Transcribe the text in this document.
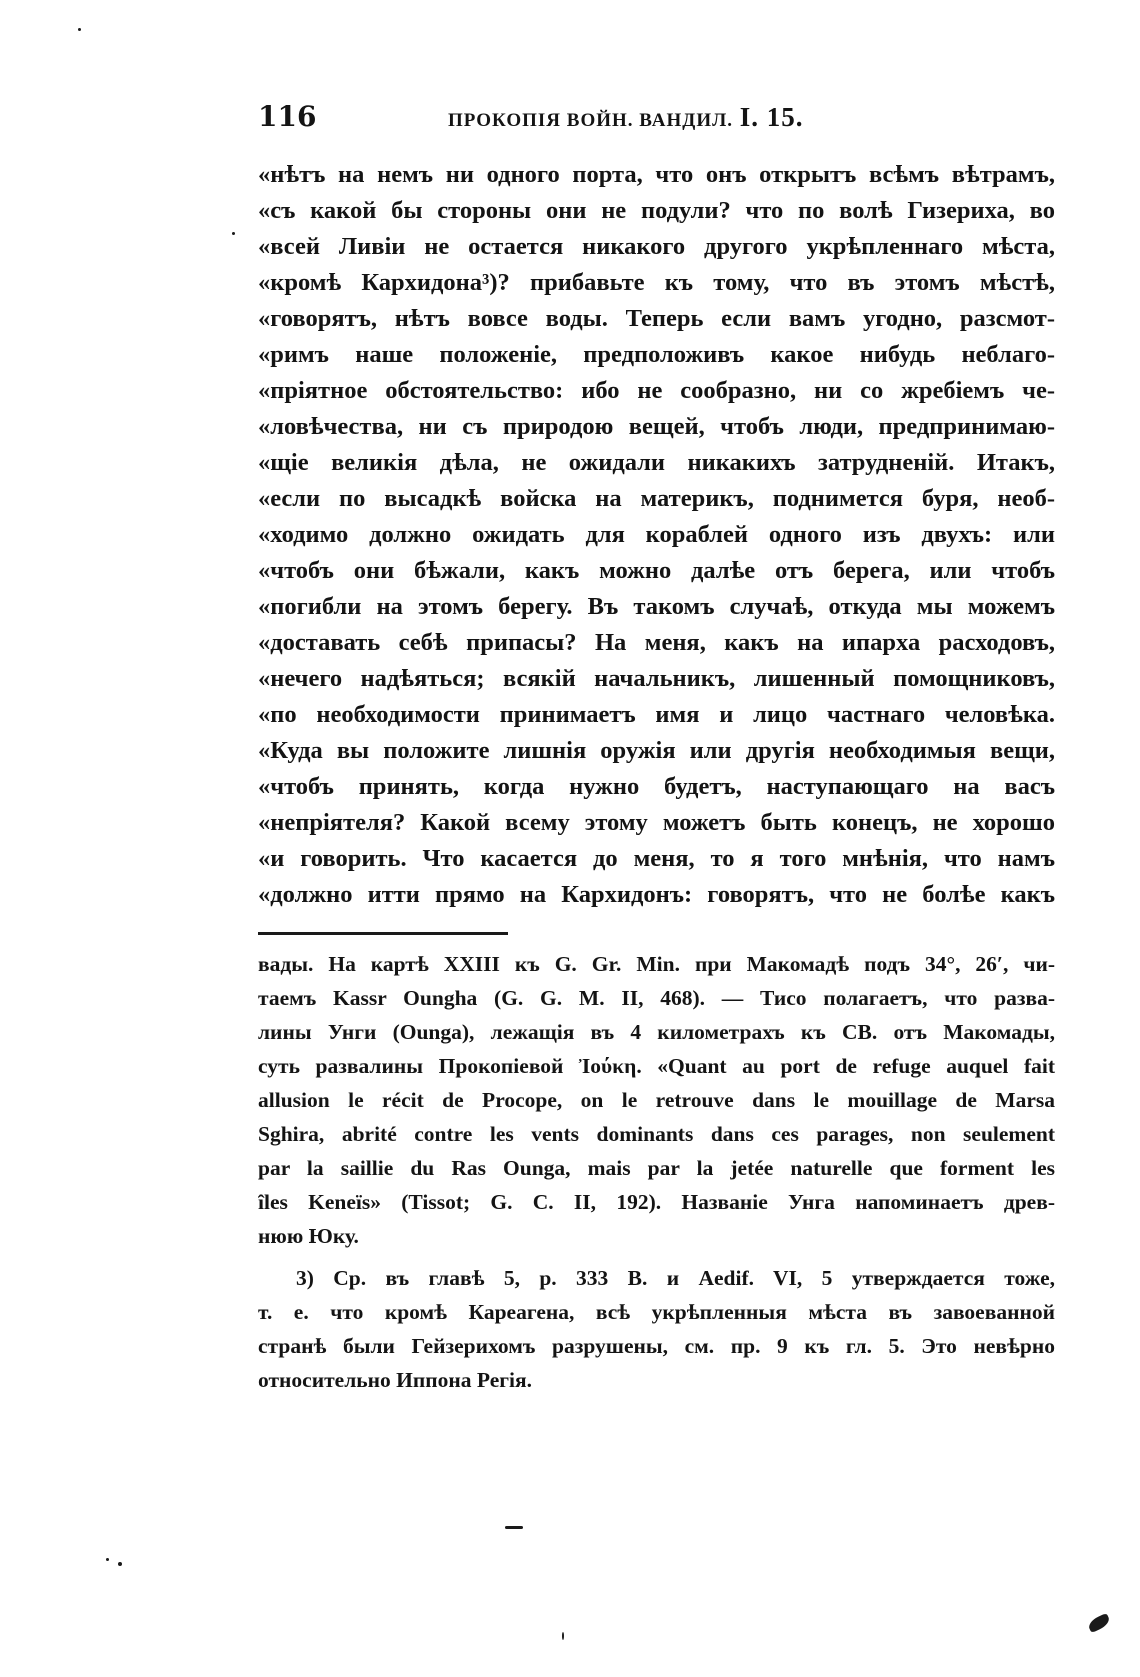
116	ПРОКОПІЯ ВОЙН. ВАНДИЛ. I. 15.
«нѣтъ на немъ ни одного порта, что онъ открытъ всѣмъ вѣтрамъ,
«съ какой бы стороны они не подули? что по волѣ Гизериха, во
«всей Ливіи не остается никакого другого укрѣпленнаго мѣста,
«кромѣ Кархидона³)? прибавьте къ тому, что въ этомъ мѣстѣ,
«говорятъ, нѣтъ вовсе воды. Теперь если вамъ угодно, разсмот-
«римъ наше положеніе, предположивъ какое нибудь неблаго-
«пріятное обстоятельство: ибо не сообразно, ни со жребіемъ че-
«ловѣчества, ни съ природою вещей, чтобъ люди, предпринимаю-
«щіе великія дѣла, не ожидали никакихъ затрудненій. Итакъ,
«если по высадкѣ войска на материкъ, поднимется буря, необ-
«ходимо должно ожидать для кораблей одного изъ двухъ: или
«чтобъ они бѣжали, какъ можно далѣе отъ берега, или чтобъ
«погибли на этомъ берегу. Въ такомъ случаѣ, откуда мы можемъ
«доставать себѣ припасы? На меня, какъ на ипарха расходовъ,
«нечего надѣяться; всякій начальникъ, лишенный помощниковъ,
«по необходимости принимаетъ имя и лицо частнаго человѣка.
«Куда вы положите лишнія оружія или другія необходимыя вещи,
«чтобъ принять, когда нужно будетъ, наступающаго на васъ
«непріятеля? Какой всему этому можетъ быть конецъ, не хорошо
«и говорить. Что касается до меня, то я того мнѣнія, что намъ
«должно итти прямо на Кархидонъ: говорятъ, что не болѣе какъ
вады. На картѣ XXIII къ G. Gr. Min. при Макомадѣ подъ 34°, 26′, чи-
таемъ Kassr Oungha (G. G. M. II, 468). — Тисо полагаетъ, что разва-
лины Унги (Ounga), лежащія въ 4 километрахъ къ СВ. отъ Макомады,
суть развалины Прокопіевой Ἰούκη. «Quant au port de refuge auquel fait
allusion le récit de Procope, on le retrouve dans le mouillage de Marsa
Sghira, abrité contre les vents dominants dans ces parages, non seulement
par la saillie du Ras Ounga, mais par la jetée naturelle que forment les
îles Keneïs» (Tissot; G. C. II, 192). Названіе Унга напоминаетъ древ-
нюю Юку.
3) Ср. въ главѣ 5, p. 333 B. и Aedif. VI, 5 утверждается тоже,
т. е. что кромѣ Кареагена, всѣ укрѣпленныя мѣста въ завоеванной
странѣ были Гейзерихомъ разрушены, см. пр. 9 къ гл. 5. Это невѣрно
относительно Иппона Регія.
